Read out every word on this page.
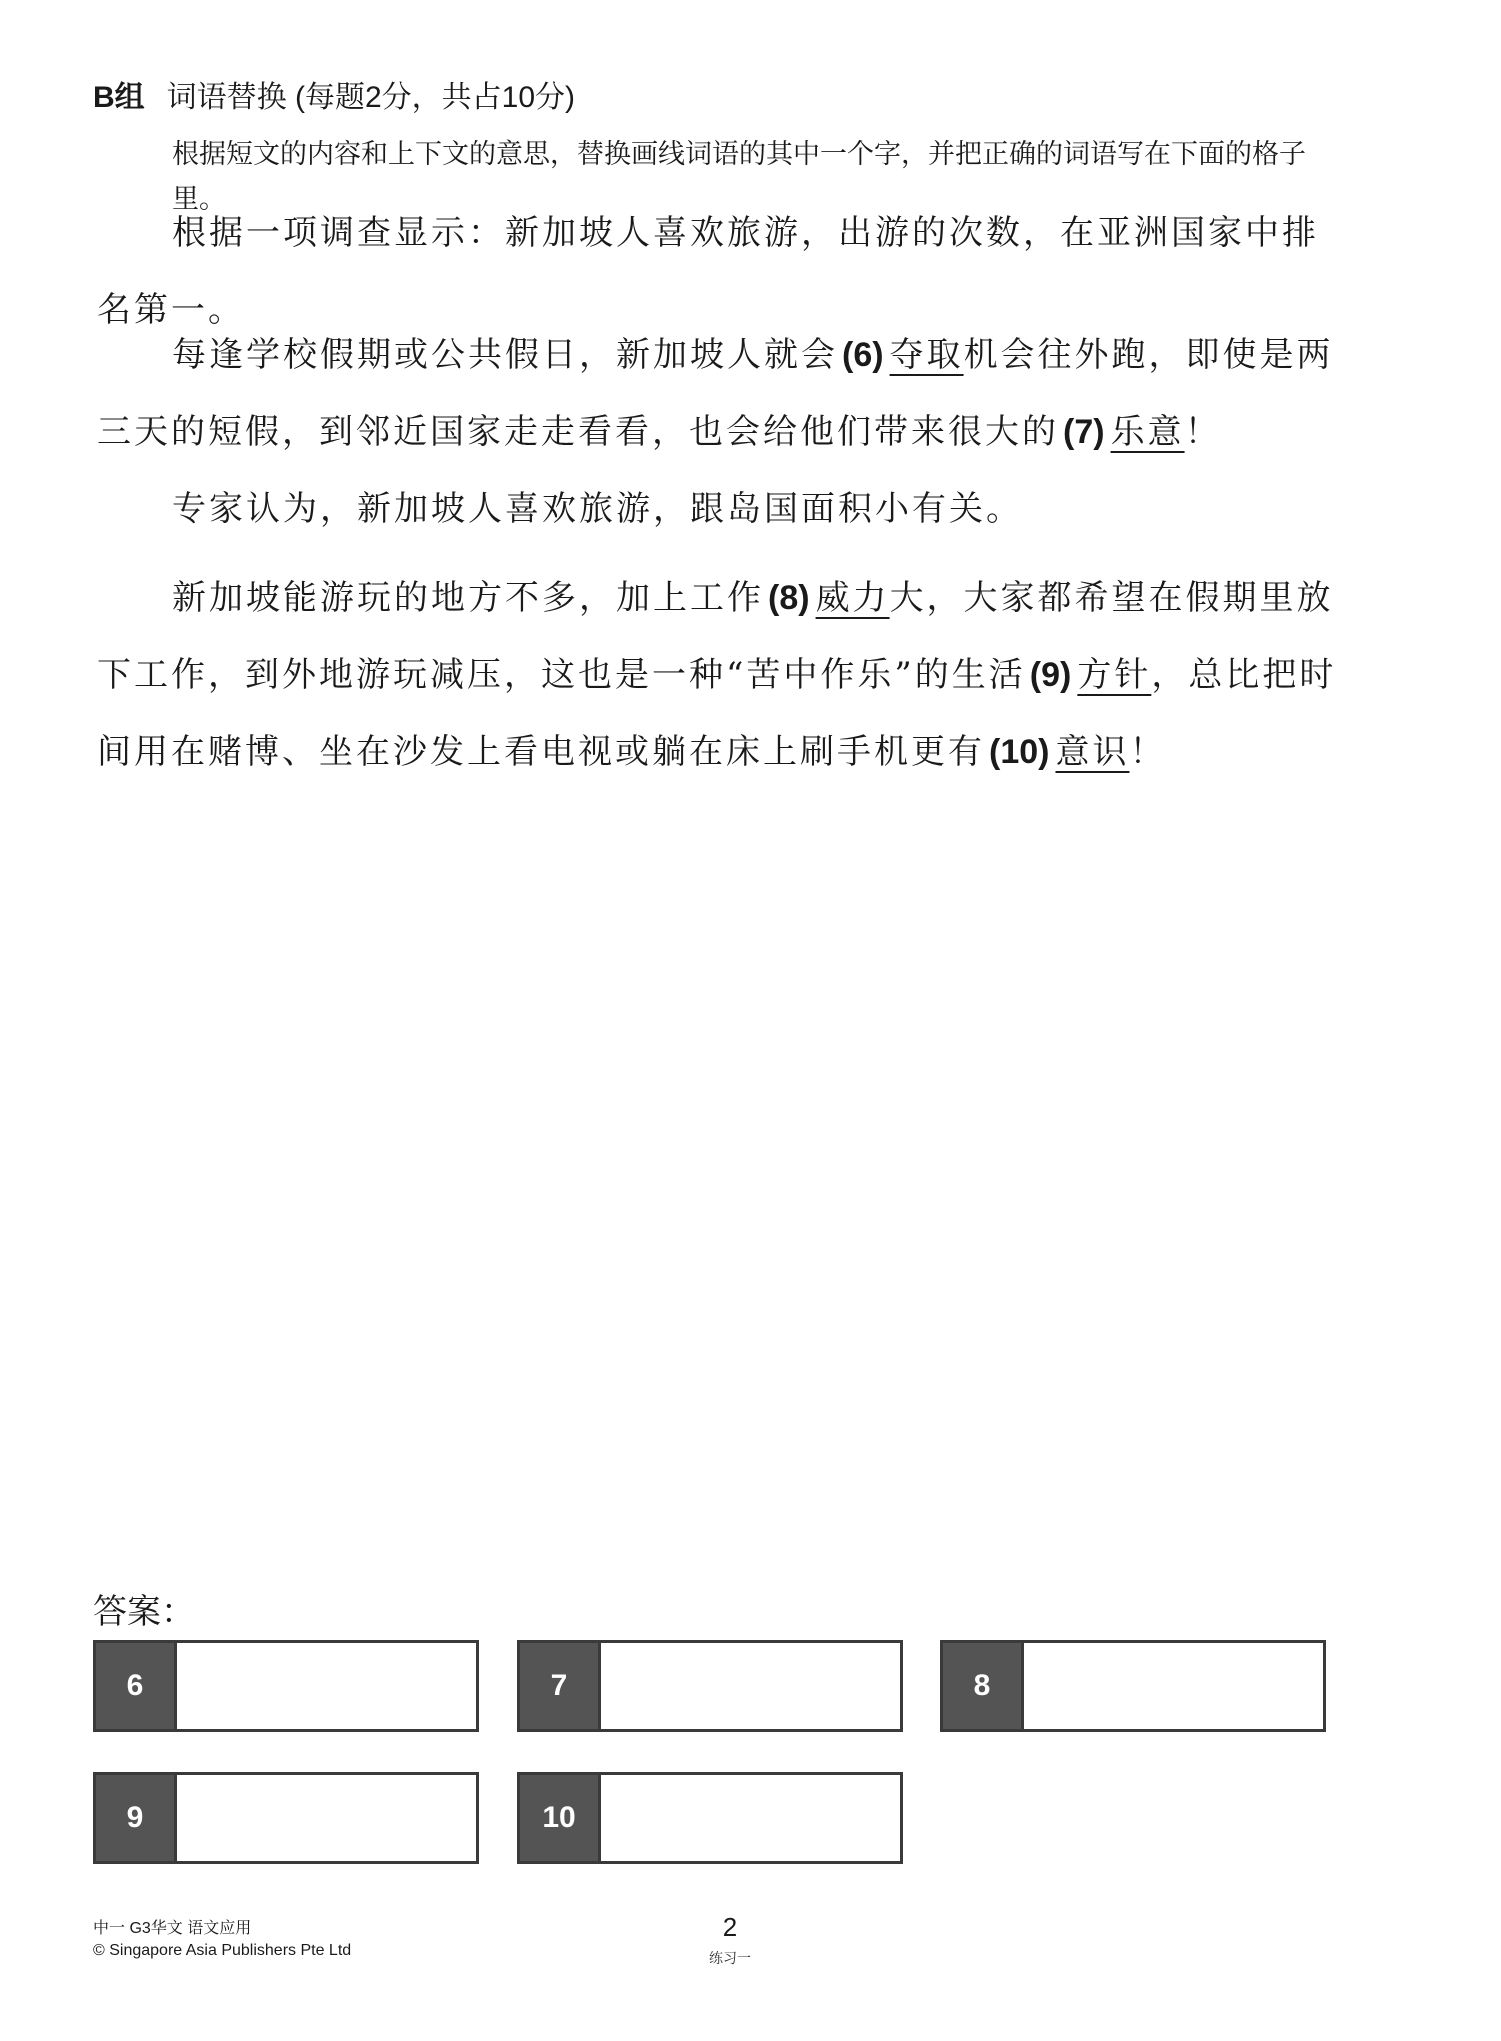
B组 词语替换 (每题2分，共占10分)
根据短文的内容和上下文的意思，替换画线词语的其中一个字，并把正确的词语写在下面的格子里。

根据一项调查显示：新加坡人喜欢旅游，出游的次数，在亚洲国家中排名第一。

每逢学校假期或公共假日，新加坡人就会 (6) 夺取机会往外跑，即使是两三天的短假，到邻近国家走走看看，也会给他们带来很大的 (7) 乐意！

专家认为，新加坡人喜欢旅游，跟岛国面积小有关。

新加坡能游玩的地方不多，加上工作 (8) 威力大，大家都希望在假期里放下工作，到外地游玩减压，这也是一种“苦中作乐”的生活 (9) 方针，总比把时间用在赌博、坐在沙发上看电视或躺在床上刷手机更有 (10) 意识！

答案：
6	7	8
9	10
中一 G3华文 语文应用
© Singapore Asia Publishers Pte Ltd
2
练习一
